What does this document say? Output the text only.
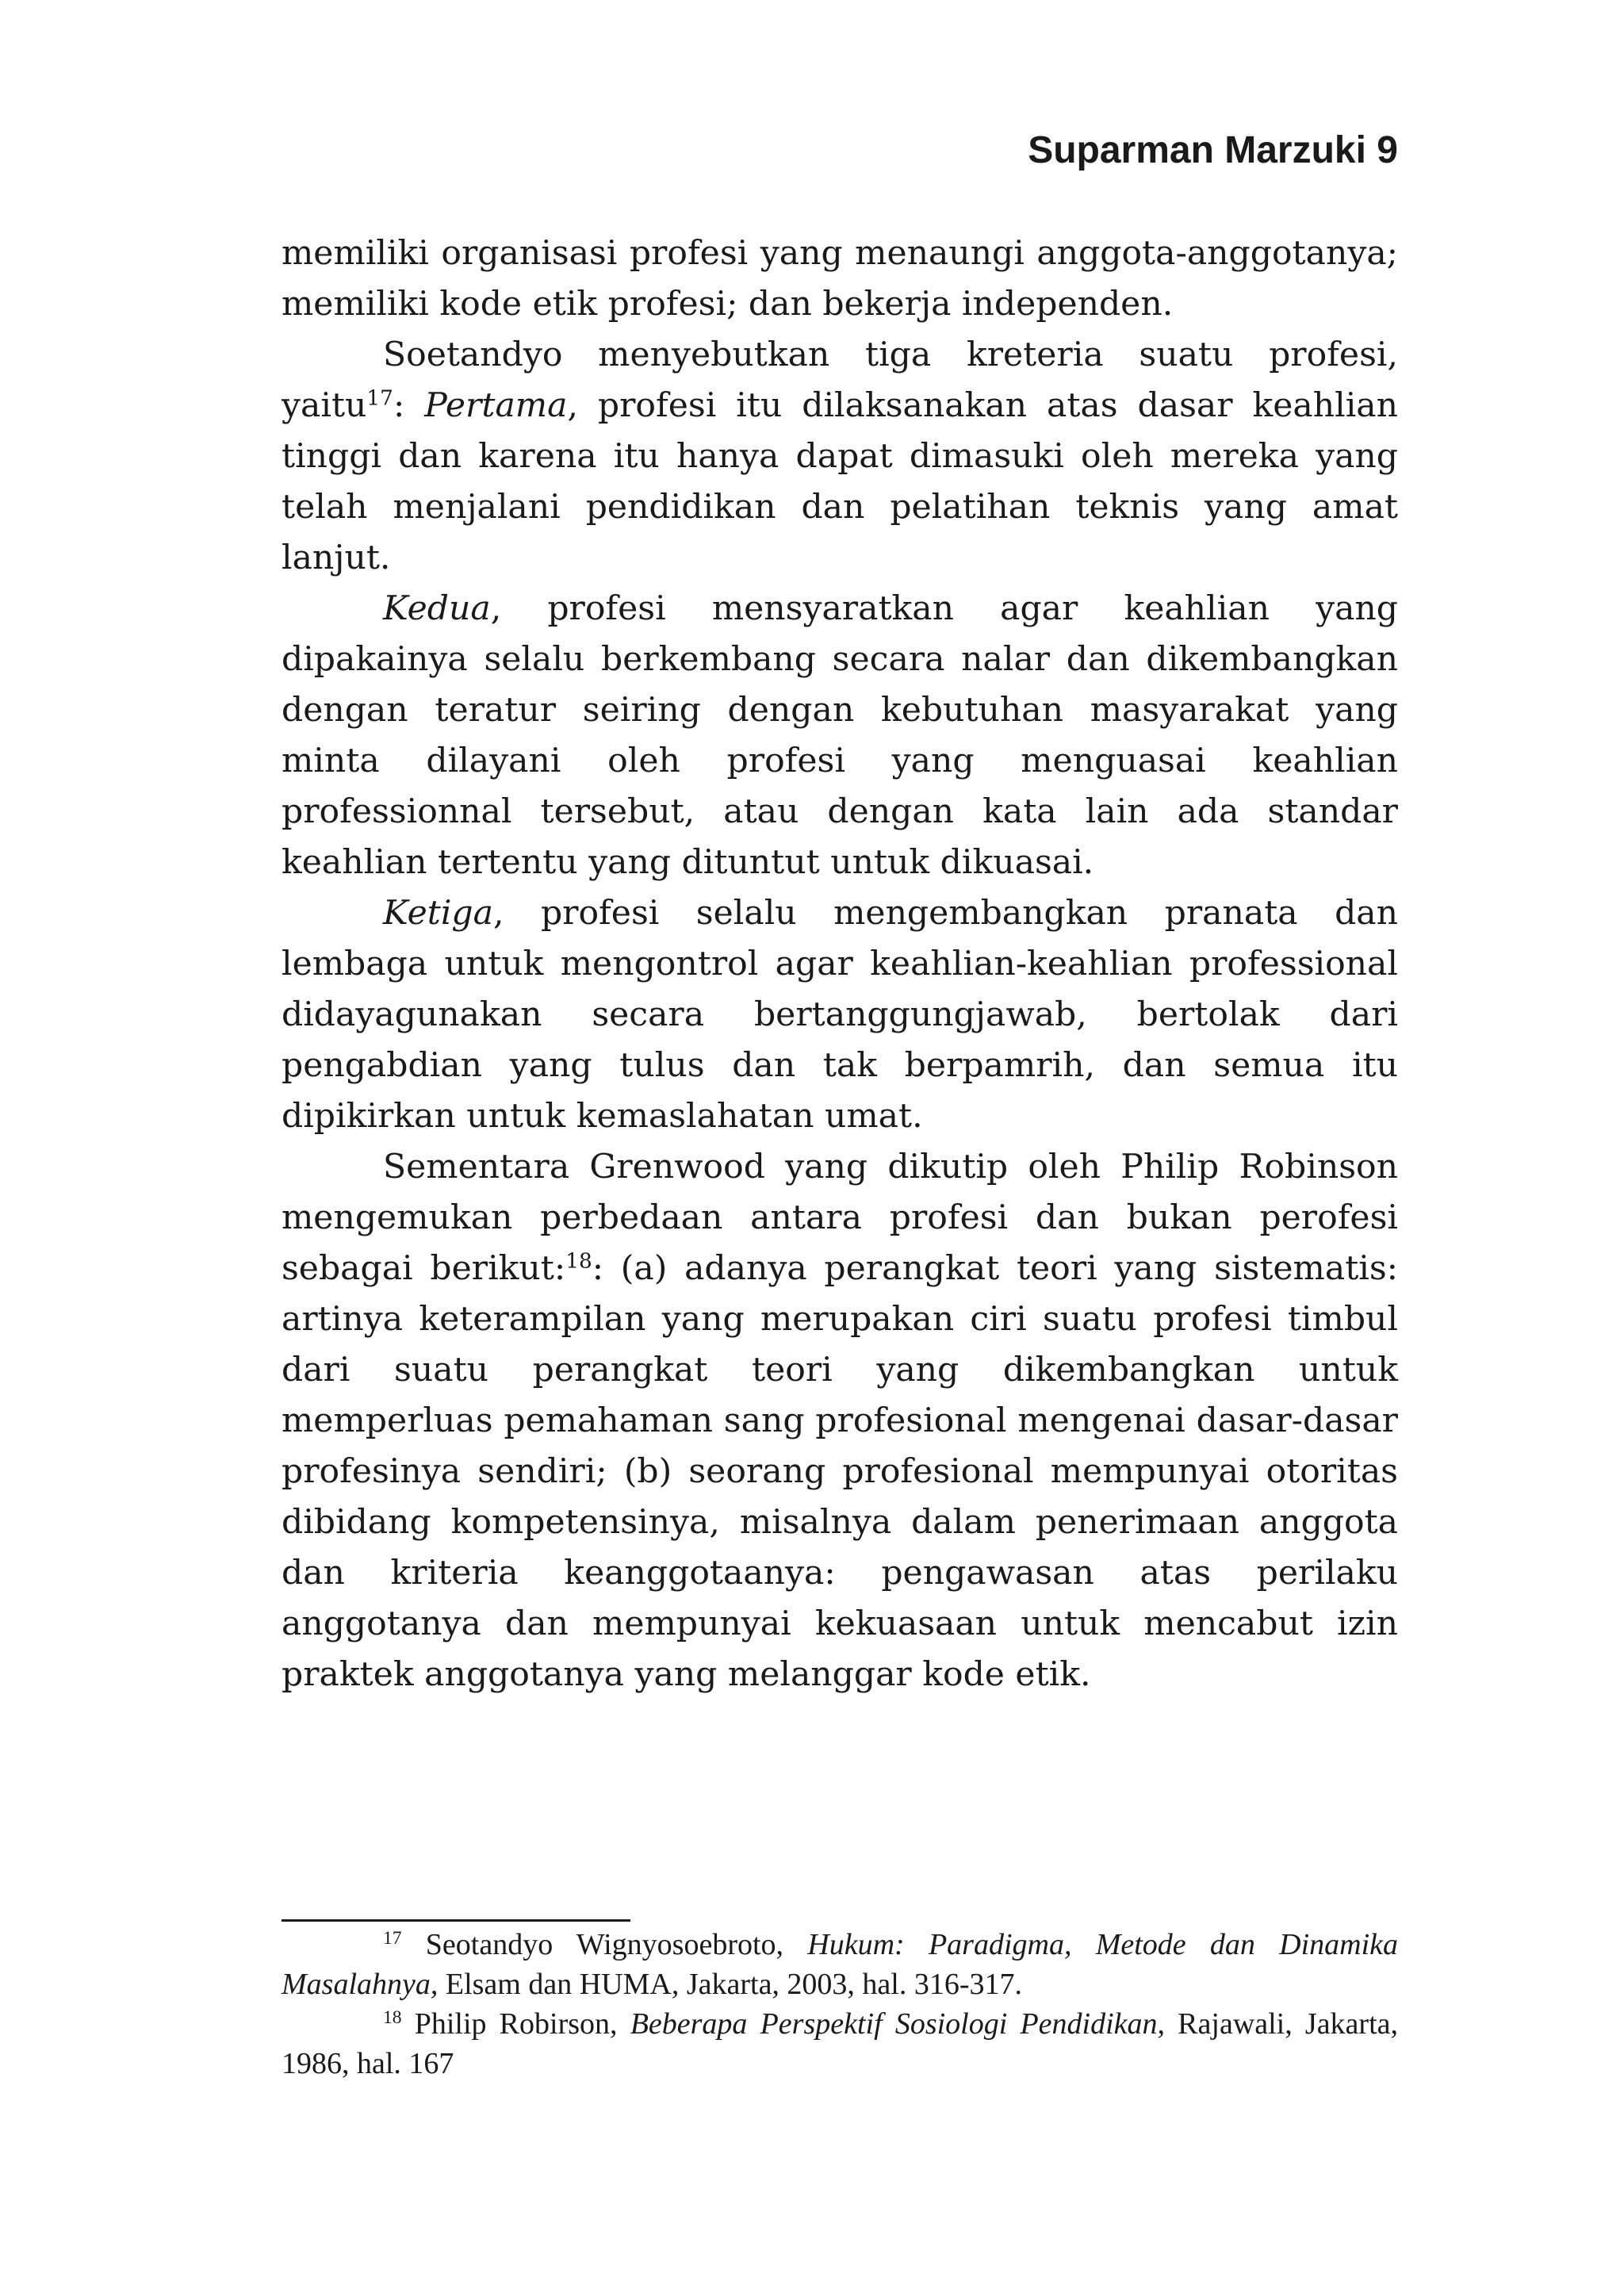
Suparman Marzuki 9

memiliki organisasi profesi yang menaungi anggota-anggotanya; memiliki kode etik profesi; dan bekerja independen.

Soetandyo menyebutkan tiga kreteria suatu profesi, yaitu$^{17}$: Pertama, profesi itu dilaksanakan atas dasar keahlian tinggi dan karena itu hanya dapat dimasuki oleh mereka yang telah menjalani pendidikan dan pelatihan teknis yang amat lanjut.

Kedua, profesi mensyaratkan agar keahlian yang dipakainya selalu berkembang secara nalar dan dikembangkan dengan teratur seiring dengan kebutuhan masyarakat yang minta dilayani oleh profesi yang menguasai keahlian professionnal tersebut, atau dengan kata lain ada standar keahlian tertentu yang dituntut untuk dikuasai.

Ketiga, profesi selalu mengembangkan pranata dan lembaga untuk mengontrol agar keahlian-keahlian professional didayagunakan secara bertanggungjawab, bertolak dari pengabdian yang tulus dan tak berpamrih, dan semua itu dipikirkan untuk kemaslahatan umat.

Sementara Grenwood yang dikutip oleh Philip Robinson mengemukan perbedaan antara profesi dan bukan perofesi sebagai berikut:$^{18}$: (a) adanya perangkat teori yang sistematis: artinya keterampilan yang merupakan ciri suatu profesi timbul dari suatu perangkat teori yang dikembangkan untuk memperluas pemahaman sang profesional mengenai dasar-dasar profesinya sendiri; (b) seorang profesional mempunyai otoritas dibidang kompetensinya, misalnya dalam penerimaan anggota dan kriteria keanggotaanya: pengawasan atas perilaku anggotanya dan mempunyai kekuasaan untuk mencabut izin praktek anggotanya yang melanggar kode etik.

$^{17}$ Seotandyo Wignyosoebroto, Hukum: Paradigma, Metode dan Dinamika Masalahnya, Elsam dan HUMA, Jakarta, 2003, hal. 316-317.

$^{18}$ Philip Robirson, Beberapa Perspektif Sosiologi Pendidikan, Rajawali, Jakarta, 1986, hal. 167
